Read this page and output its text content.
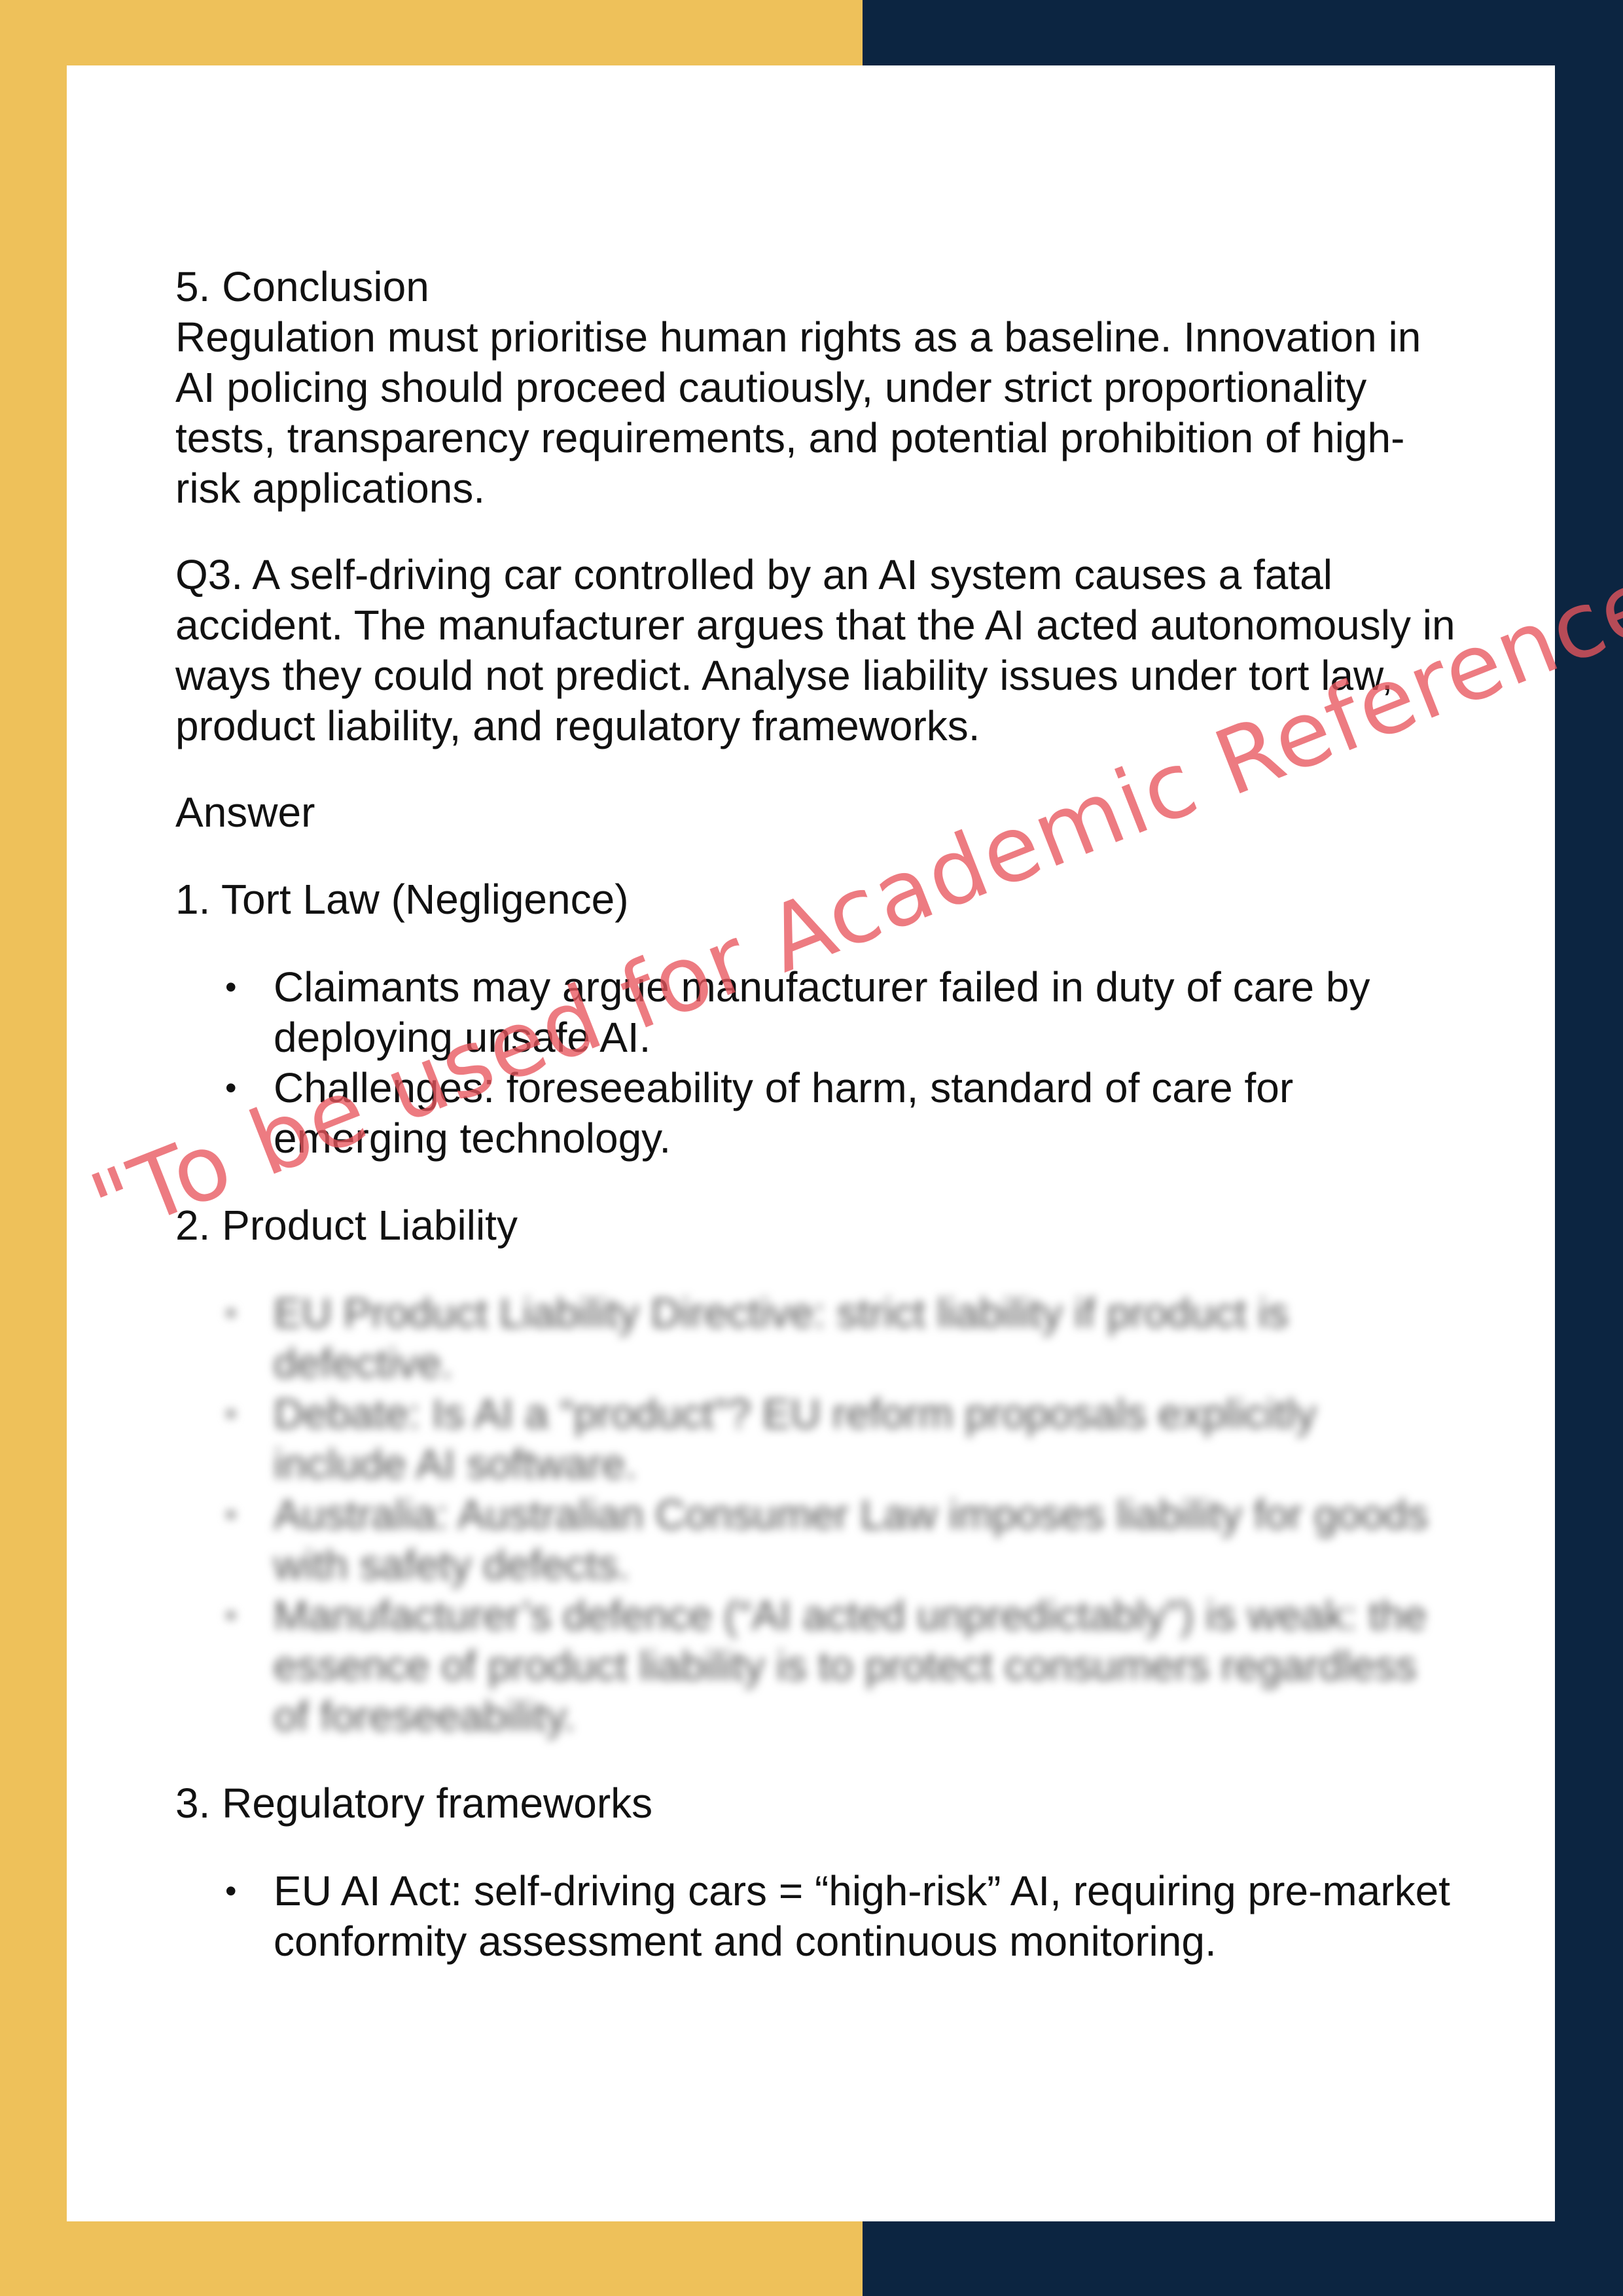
5. Conclusion

Regulation must prioritise human rights as a baseline. Innovation in AI policing should proceed cautiously, under strict proportionality tests, transparency requirements, and potential prohibition of high-risk applications.

Q3. A self-driving car controlled by an AI system causes a fatal accident. The manufacturer argues that the AI acted autonomously in ways they could not predict. Analyse liability issues under tort law, product liability, and regulatory frameworks.

Answer

1. Tort Law (Negligence)

• Claimants may argue manufacturer failed in duty of care by deploying unsafe AI.
• Challenges: foreseeability of harm, standard of care for emerging technology.

2. Product Liability

• EU Product Liability Directive: strict liability if product is defective.
• Debate: Is AI a “product”? EU reform proposals explicitly include AI software.
• Australia: Australian Consumer Law imposes liability for goods with safety defects.
• Manufacturer’s defence (“AI acted unpredictably”) is weak: the essence of product liability is to protect consumers regardless of foreseeability.

3. Regulatory frameworks

• EU AI Act: self-driving cars = “high-risk” AI, requiring pre-market conformity assessment and continuous monitoring.
"To be used for Academic Reference
